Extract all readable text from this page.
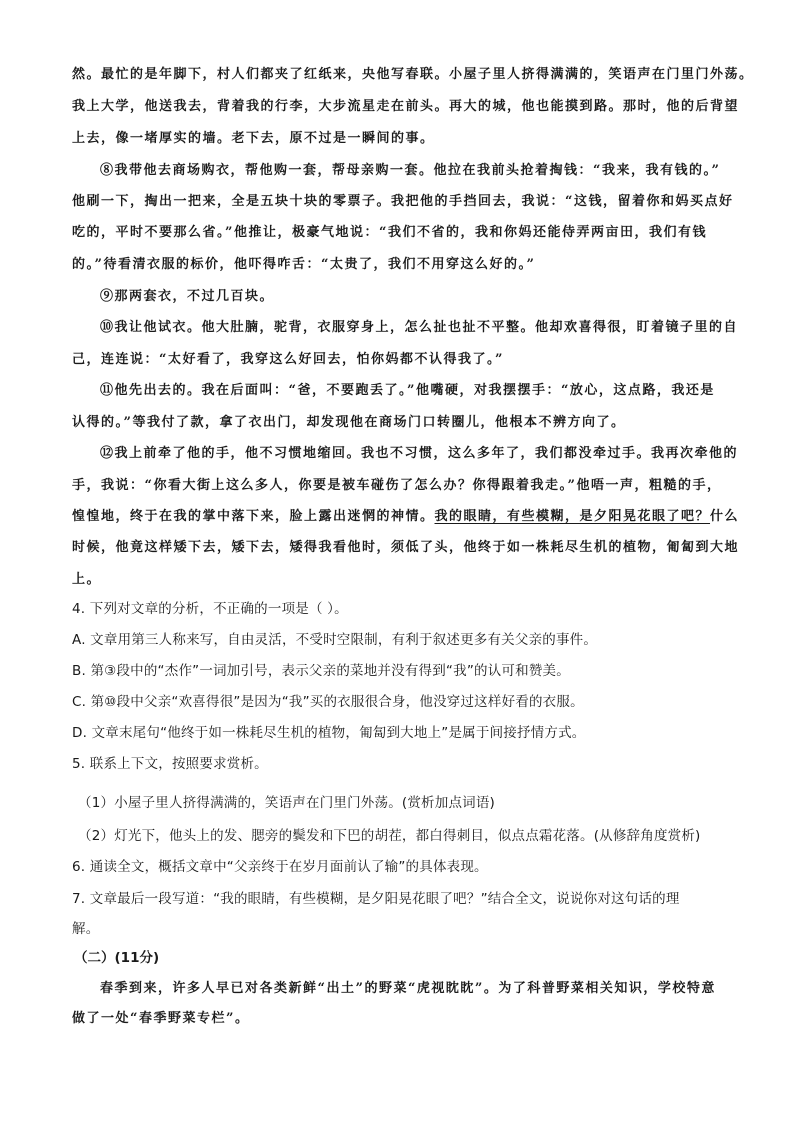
然。最忙的是年脚下，村人们都夹了红纸来，央他写春联。小屋子里人挤得满满的，笑语声在门里门外荡。

我上大学，他送我去，背着我的行李，大步流星走在前头。再大的城，他也能摸到路。那时，他的后背望

上去，像一堵厚实的墙。老下去，原不过是一瞬间的事。

⑧我带他去商场购衣，帮他购一套，帮母亲购一套。他拉在我前头抢着掏钱：“我来，我有钱的。”

他刷一下，掏出一把来，全是五块十块的零票子。我把他的手挡回去，我说：“这钱，留着你和妈买点好

吃的，平时不要那么省。”他推让，极豪气地说：“我们不省的，我和你妈还能侍弄两亩田，我们有钱

的。”待看清衣服的标价，他吓得咋舌：“太贵了，我们不用穿这么好的。”

⑨那两套衣，不过几百块。

⑩我让他试衣。他大肚腩，驼背，衣服穿身上，怎么扯也扯不平整。他却欢喜得很，盯着镜子里的自

己，连连说：“太好看了，我穿这么好回去，怕你妈都不认得我了。”

⑪他先出去的。我在后面叫：“爸，不要跑丢了。”他嘴硬，对我摆摆手：“放心，这点路，我还是

认得的。”等我付了款，拿了衣出门，却发现他在商场门口转圈儿，他根本不辨方向了。

⑫我上前牵了他的手，他不习惯地缩回。我也不习惯，这么多年了，我们都没牵过手。我再次牵他的

手，我说：“你看大街上这么多人，你要是被车碰伤了怎么办？你得跟着我走。”他唔一声，粗糙的手，

惶惶地，终于在我的掌中落下来，脸上露出迷惘的神情。我的眼睛，有些模糊，是夕阳晃花眼了吧？什么

时候，他竟这样矮下去，矮下去，矮得我看他时，须低了头，他终于如一株耗尽生机的植物，匍匐到大地

上。

4. 下列对文章的分析，不正确的一项是（ ）。

A. 文章用第三人称来写，自由灵活，不受时空限制，有利于叙述更多有关父亲的事件。

B. 第③段中的“杰作”一词加引号，表示父亲的菜地并没有得到“我”的认可和赞美。

C. 第⑩段中父亲“欢喜得很”是因为“我”买的衣服很合身，他没穿过这样好看的衣服。

D. 文章末尾句“他终于如一株耗尽生机的植物，匍匐到大地上”是属于间接抒情方式。

5. 联系上下文，按照要求赏析。

（1）小屋子里人挤得满满的，笑语声在门里门外荡。(赏析加点词语)

（2）灯光下，他头上的发、腮旁的鬓发和下巴的胡茬，都白得刺目，似点点霜花落。(从修辞角度赏析)

6. 通读全文，概括文章中“父亲终于在岁月面前认了输”的具体表现。

7. 文章最后一段写道：“我的眼睛，有些模糊，是夕阳晃花眼了吧？”结合全文，说说你对这句话的理

解。

（二）(11分)

春季到来，许多人早已对各类新鲜“出土”的野菜“虎视眈眈”。为了科普野菜相关知识，学校特意

做了一处“春季野菜专栏”。
